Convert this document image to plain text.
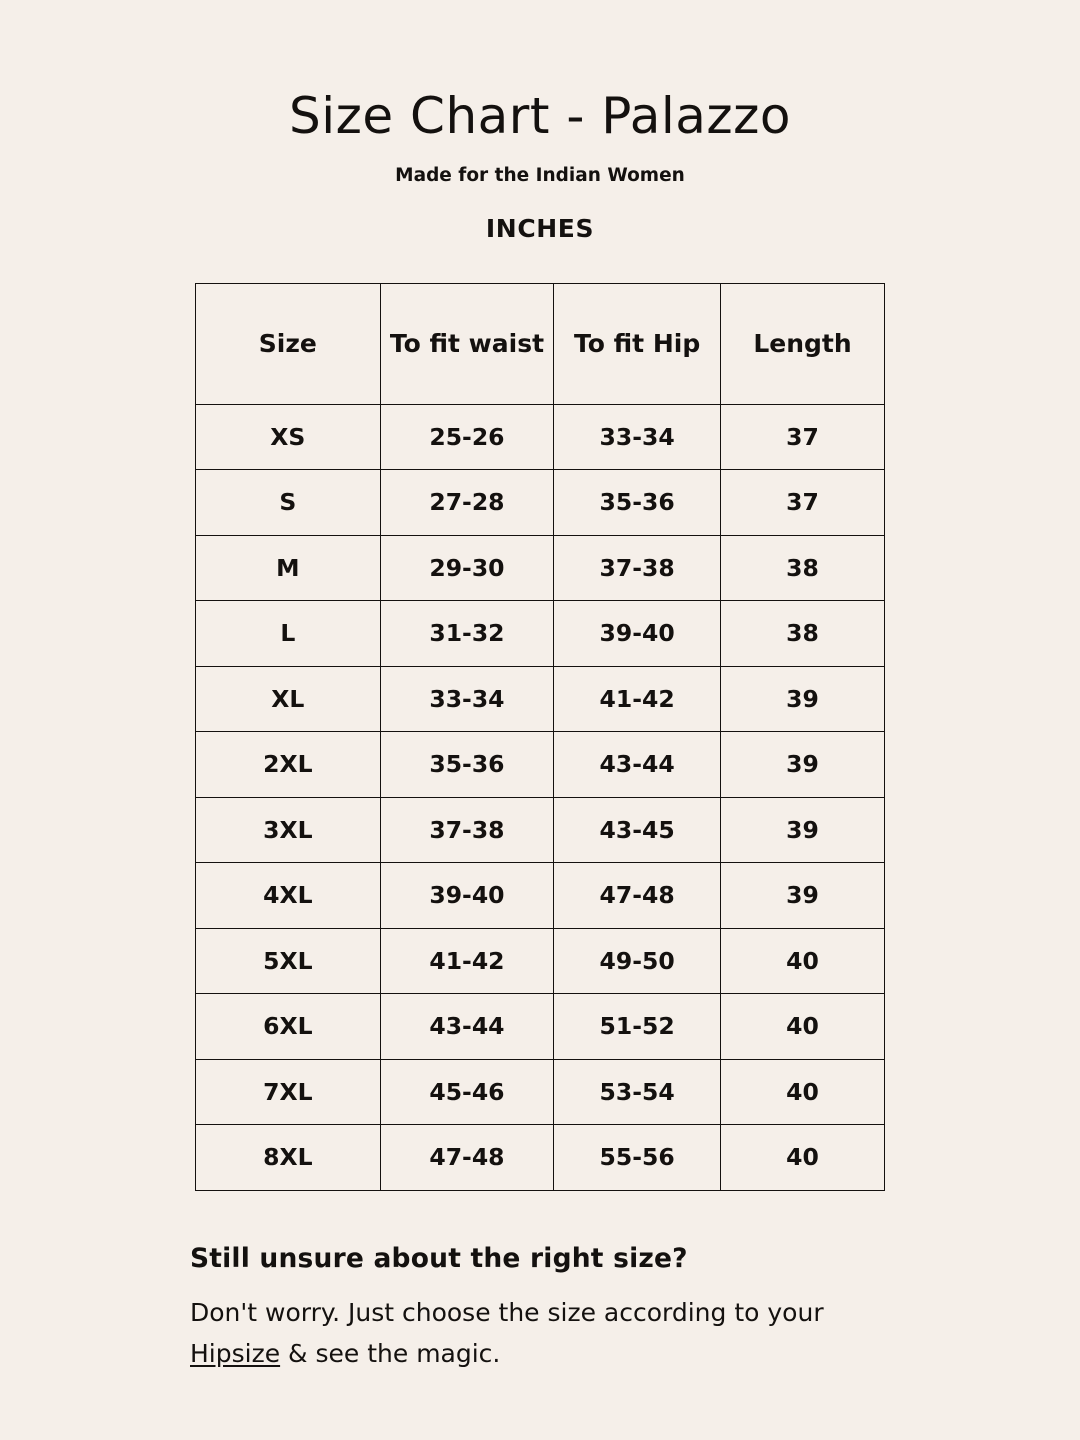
Size Chart - Palazzo

Made for the Indian Women

INCHES

Size	To fit waist	To fit Hip	Length
XS	25-26	33-34	37
S	27-28	35-36	37
M	29-30	37-38	38
L	31-32	39-40	38
XL	33-34	41-42	39
2XL	35-36	43-44	39
3XL	37-38	43-45	39
4XL	39-40	47-48	39
5XL	41-42	49-50	40
6XL	43-44	51-52	40
7XL	45-46	53-54	40
8XL	47-48	55-56	40

Still unsure about the right size?

Don't worry. Just choose the size according to your Hipsize & see the magic.
